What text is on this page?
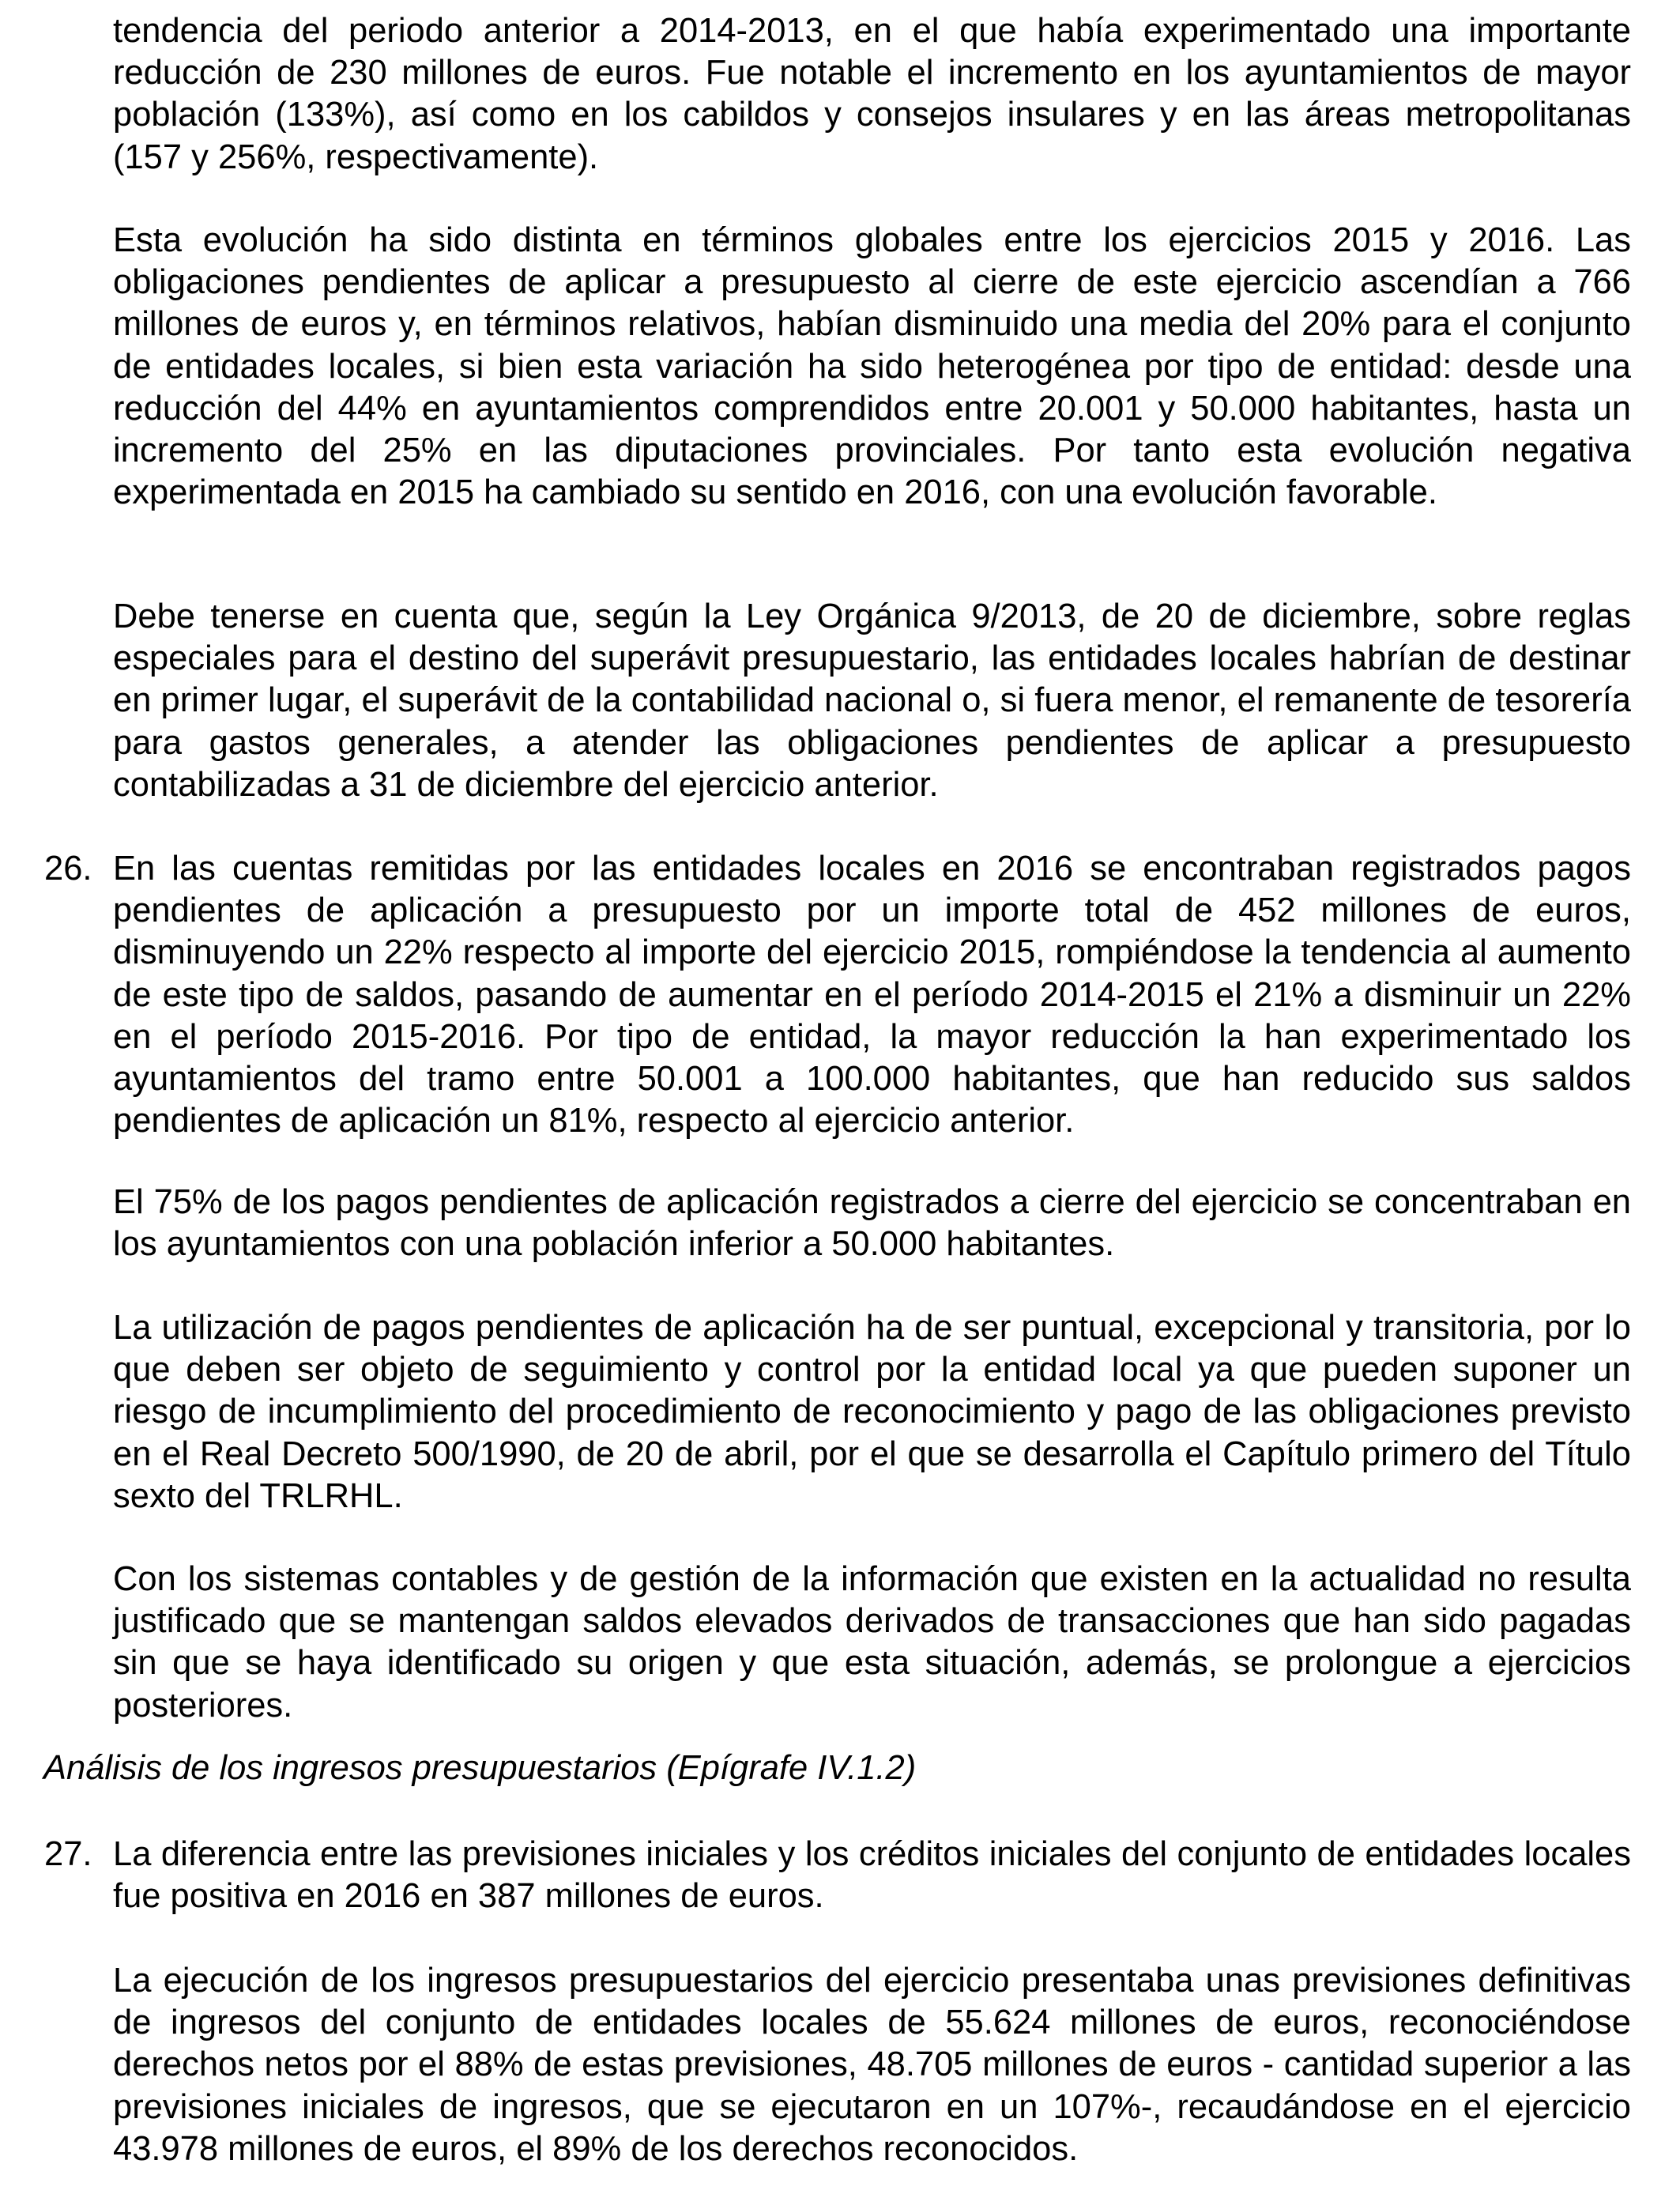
tendencia del periodo anterior a 2014-2013, en el que había experimentado una importante reducción de 230 millones de euros. Fue notable el incremento en los ayuntamientos de mayor población (133%), así como en los cabildos y consejos insulares y en las áreas metropolitanas (157 y 256%, respectivamente).

Esta evolución ha sido distinta en términos globales entre los ejercicios 2015 y 2016. Las obligaciones pendientes de aplicar a presupuesto al cierre de este ejercicio ascendían a 766 millones de euros y, en términos relativos, habían disminuido una media del 20% para el conjunto de entidades locales, si bien esta variación ha sido heterogénea por tipo de entidad: desde una reducción del 44% en ayuntamientos comprendidos entre 20.001 y 50.000 habitantes, hasta un incremento del 25% en las diputaciones provinciales. Por tanto esta evolución negativa experimentada en 2015 ha cambiado su sentido en 2016, con una evolución favorable.

Debe tenerse en cuenta que, según la Ley Orgánica 9/2013, de 20 de diciembre, sobre reglas especiales para el destino del superávit presupuestario, las entidades locales habrían de destinar en primer lugar, el superávit de la contabilidad nacional o, si fuera menor, el remanente de tesorería para gastos generales, a atender las obligaciones pendientes de aplicar a presupuesto contabilizadas a 31 de diciembre del ejercicio anterior.

26. En las cuentas remitidas por las entidades locales en 2016 se encontraban registrados pagos pendientes de aplicación a presupuesto por un importe total de 452 millones de euros, disminuyendo un 22% respecto al importe del ejercicio 2015, rompiéndose la tendencia al aumento de este tipo de saldos, pasando de aumentar en el período 2014-2015 el 21% a disminuir un 22% en el período 2015-2016. Por tipo de entidad, la mayor reducción la han experimentado los ayuntamientos del tramo entre 50.001 a 100.000 habitantes, que han reducido sus saldos pendientes de aplicación un 81%, respecto al ejercicio anterior.

El 75% de los pagos pendientes de aplicación registrados a cierre del ejercicio se concentraban en los ayuntamientos con una población inferior a 50.000 habitantes.

La utilización de pagos pendientes de aplicación ha de ser puntual, excepcional y transitoria, por lo que deben ser objeto de seguimiento y control por la entidad local ya que pueden suponer un riesgo de incumplimiento del procedimiento de reconocimiento y pago de las obligaciones previsto en el Real Decreto 500/1990, de 20 de abril, por el que se desarrolla el Capítulo primero del Título sexto del TRLRHL.

Con los sistemas contables y de gestión de la información que existen en la actualidad no resulta justificado que se mantengan saldos elevados derivados de transacciones que han sido pagadas sin que se haya identificado su origen y que esta situación, además, se prolongue a ejercicios posteriores.

Análisis de los ingresos presupuestarios (Epígrafe IV.1.2)

27. La diferencia entre las previsiones iniciales y los créditos iniciales del conjunto de entidades locales fue positiva en 2016 en 387 millones de euros.

La ejecución de los ingresos presupuestarios del ejercicio presentaba unas previsiones definitivas de ingresos del conjunto de entidades locales de 55.624 millones de euros, reconociéndose derechos netos por el 88% de estas previsiones, 48.705 millones de euros - cantidad superior a las previsiones iniciales de ingresos, que se ejecutaron en un 107%-, recaudándose en el ejercicio 43.978 millones de euros, el 89% de los derechos reconocidos.
